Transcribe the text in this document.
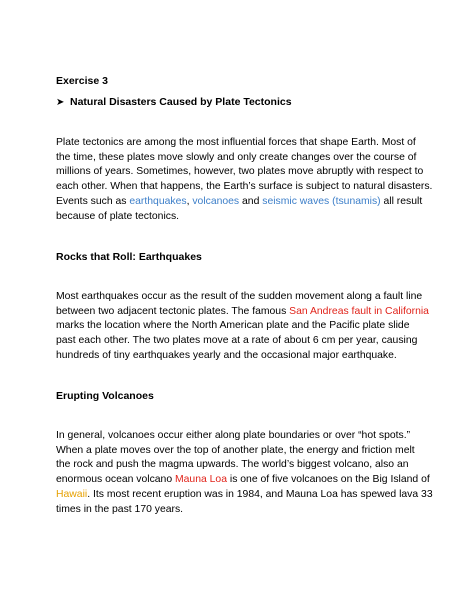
Exercise 3
➤ Natural Disasters Caused by Plate Tectonics
Plate tectonics are among the most influential forces that shape Earth. Most of
the time, these plates move slowly and only create changes over the course of
millions of years. Sometimes, however, two plates move abruptly with respect to
each other. When that happens, the Earth’s surface is subject to natural disasters.
Events such as earthquakes, volcanoes and seismic waves (tsunamis) all result
because of plate tectonics.
Rocks that Roll: Earthquakes
Most earthquakes occur as the result of the sudden movement along a fault line
between two adjacent tectonic plates. The famous San Andreas fault in California
marks the location where the North American plate and the Pacific plate slide
past each other. The two plates move at a rate of about 6 cm per year, causing
hundreds of tiny earthquakes yearly and the occasional major earthquake.
Erupting Volcanoes
In general, volcanoes occur either along plate boundaries or over “hot spots.”
When a plate moves over the top of another plate, the energy and friction melt
the rock and push the magma upwards. The world’s biggest volcano, also an
enormous ocean volcano Mauna Loa is one of five volcanoes on the Big Island of
Hawaii. Its most recent eruption was in 1984, and Mauna Loa has spewed lava 33
times in the past 170 years.
